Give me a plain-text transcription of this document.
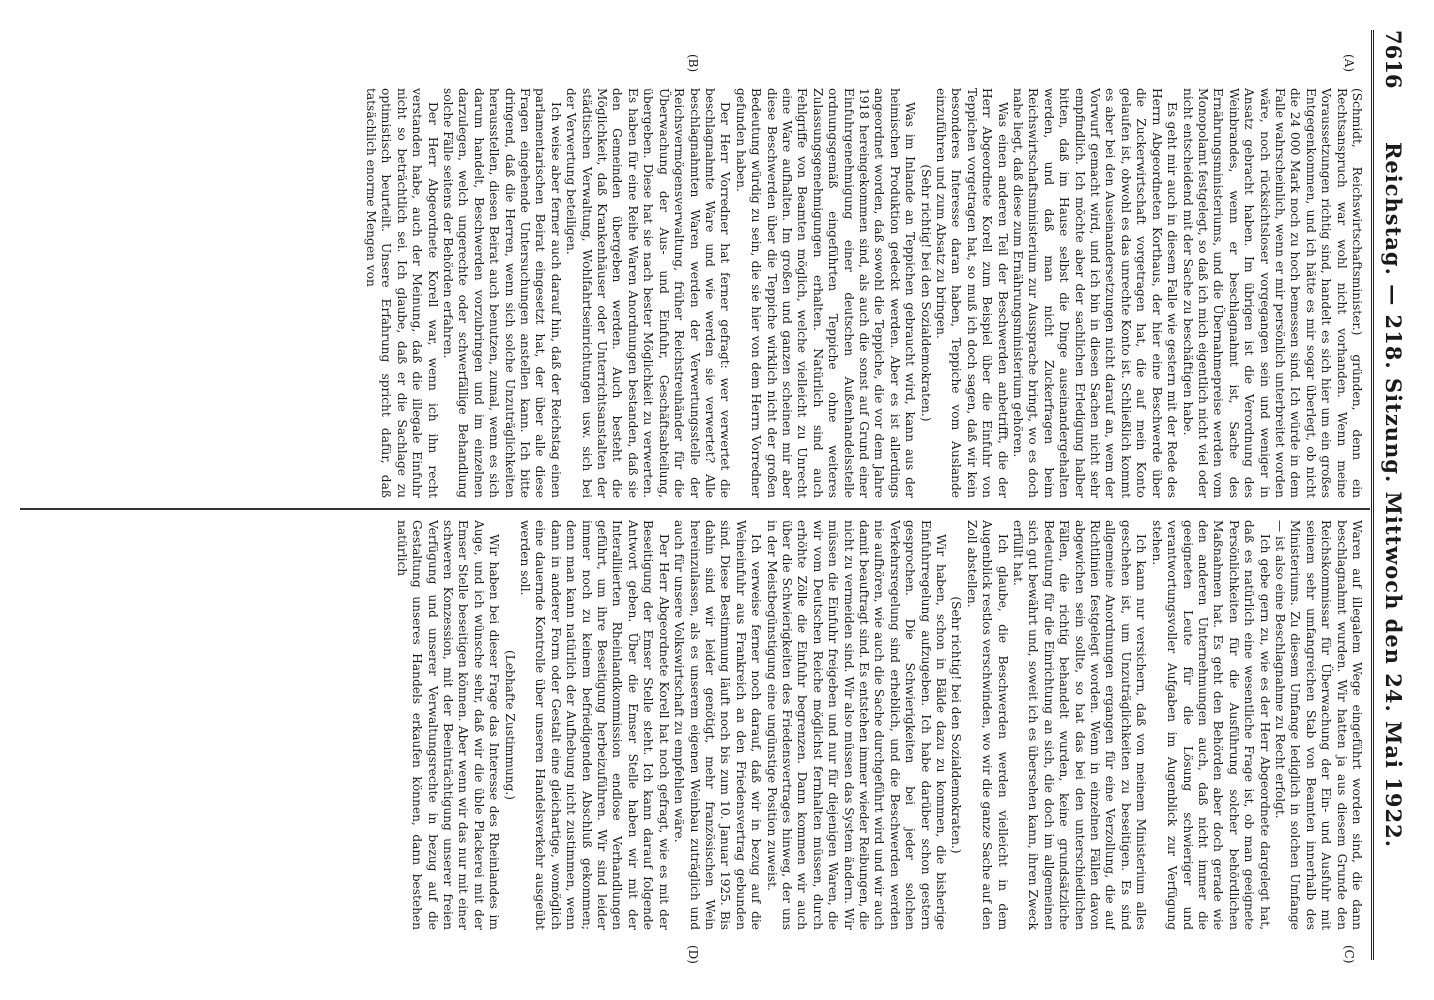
7616
Reichstag. — 218. Sitzung. Mittwoch den 24. Mai 1922.
(A)
(B)
(C)
(D)

(Schmidt, Reichswirtschaftsminister.) gründen, denn ein Rechtsanspruch war wohl nicht vorhanden. Wenn meine Voraussetzungen richtig sind, handelt es sich hier um ein großes Entgegenkommen, und ich hätte es mir sogar überlegt, ob nicht die 24 000 Mark noch zu hoch bemessen sind. Ich würde in dem Falle wahrscheinlich, wenn er mir persönlich unterbreitet worden wäre, noch rücksichtsloser vorgegangen sein und weniger in Ansatz gebracht haben. Im übrigen ist die Verordnung des Weinbrandes, wenn er beschlagnahmt ist, Sache des Ernährungsministeriums, und die Übernahmepreise werden vom Monopolamt festgelegt, so daß ich mich eigentlich nicht viel oder nicht entscheidend mit der Sache zu beschäftigen habe.

Es geht mir auch in diesem Falle wie gestern mit der Rede des Herrn Abgeordneten Korthaus, der hier eine Beschwerde über die Zuckerwirtschaft vorgetragen hat, die auf mein Konto gelaufen ist, obwohl es das unrechte Konto ist. Schließlich kommt es aber bei den Auseinandersetzungen nicht darauf an, wem der Vorwurf gemacht wird, und ich bin in diesen Sachen nicht sehr empfindlich. Ich möchte aber der sachlichen Erledigung halber bitten, daß im Hause selbst die Dinge auseinandergehalten werden, und daß man nicht Zuckerfragen beim Reichswirtschaftsministerium zur Aussprache bringt, wo es doch nahe liegt, daß diese zum Ernährungsministerium gehören.

Was einen anderen Teil der Beschwerden anbetrifft, die der Herr Abgeordnete Korell zum Beispiel über die Einfuhr von Teppichen vorgetragen hat, so muß ich doch sagen, daß wir kein besonderes Interesse daran haben, Teppiche vom Auslande einzuführen und zum Absatz zu bringen.

(Sehr richtig! bei den Sozialdemokraten.)

Was im Inlande an Teppichen gebraucht wird, kann aus der heimischen Produktion gedeckt werden. Aber es ist allerdings angeordnet worden, daß sowohl die Teppiche, die vor dem Jahre 1918 hereingekommen sind, als auch die sonst auf Grund einer Einfuhrgenehmigung einer deutschen Außenhandelsstelle ordnungsgemäß eingeführten Teppiche ohne weiteres Zulassungsgenehmigungen erhalten. Natürlich sind auch Fehlgriffe von Beamten möglich, welche vielleicht zu Unrecht eine Ware aufhalten. Im großen und ganzen scheinen mir aber diese Beschwerden über die Teppiche wirklich nicht der großen Bedeutung würdig zu sein, die sie hier von dem Herrn Vorredner gefunden haben.

Der Herr Vorredner hat ferner gefragt: wer verwertet die beschlagnahmte Ware und wie werden sie verwertet? Alle beschlagnahmten Waren werden der Verwertungsstelle der Reichsvermögensverwaltung, früher Reichstreuhänder für die Überwachung der Aus- und Einfuhr, Geschäftsabteilung, übergeben. Diese hat sie nach bester Möglichkeit zu verwerten. Es haben für eine Reihe Waren Anordnungen bestanden, daß sie den Gemeinden übergeben werden. Auch besteht die Möglichkeit, daß Krankenhäuser oder Unterrichtsanstalten der städtischen Verwaltung, Wohlfahrtseinrichtungen usw. sich bei der Verwertung beteiligen.

Ich weise aber ferner auch darauf hin, daß der Reichstag einen parlamentarischen Beirat eingesetzt hat, der über alle diese Fragen eingehende Untersuchungen anstellen kann. Ich bitte dringend, daß die Herren, wenn sich solche Unzuträglichkeiten herausstellen, diesen Beirat auch benutzen, zumal, wenn es sich darum handelt, Beschwerden vorzubringen und im einzelnen darzulegen, welch ungerechte oder schwerfällige Behandlung solche Fälle seitens der Behörden erfahren.

Der Herr Abgeordnete Korell war, wenn ich ihn recht verstanden habe, auch der Meinung, daß die illegale Einfuhr nicht so beträchtlich sei. Ich glaube, daß er die Sachlage zu optimistisch beurteilt. Unsere Erfahrung spricht dafür, daß tatsächlich enorme Mengen von

Waren auf illegalem Wege eingeführt worden sind, die dann beschlagnahmt wurden. Wir hatten ja aus diesem Grunde den Reichskommissar für Überwachung der Ein- und Ausfuhr mit seinem sehr umfangreichen Stab von Beamten innerhalb des Ministeriums. Zu diesem Umfange lediglich in solchen Umfange — ist also eine Beschlagnahme zu Recht erfolgt.

Ich gebe gern zu, wie es der Herr Abgeordnete dargelegt hat, daß es natürlich eine wesentliche Frage ist, ob man geeignete Persönlichkeiten für die Ausführung solcher behördlichen Maßnahmen hat. Es geht den Behörden aber doch gerade wie den anderen Unternehmungen auch, daß nicht immer die geeigneten Leute für die Lösung schwieriger und verantwortungsvoller Aufgaben im Augenblick zur Verfügung stehen.

Ich kann nur versichern, daß von meinem Ministerium alles geschehen ist, um Unzuträglichkeiten zu beseitigen. Es sind allgemeine Anordnungen ergangen für eine Verzollung, die auf Richtlinien festgelegt worden. Wenn in einzelnen Fällen davon abgewichen sein sollte, so hat das bei den unterschiedlichen Fällen, die richtig behandelt wurden, keine grundsätzliche Bedeutung für die Einrichtung an sich, die doch im allgemeinen sich gut bewährt und, soweit ich es übersehen kann, ihren Zweck erfüllt hat.

Ich glaube, die Beschwerden werden vielleicht in dem Augenblick restlos verschwinden, wo wir die ganze Sache auf den Zoll abstellen.

(Sehr richtig! bei den Sozialdemokraten.)

Wir haben, schon in Bälde dazu zu kommen, die bisherige Einfuhrregelung aufzugeben. Ich habe darüber schon gestern gesprochen. Die Schwierigkeiten bei jeder solchen Verkehrsregelung sind erheblich, und die Beschwerden werden nie aufhören, wie auch die Sache durchgeführt wird und wir auch damit beauftragt sind. Es entstehen immer wieder Reibungen, die nicht zu vermeiden sind. Wir also müssen das System ändern. Wir müssen die Einfuhr freigeben und nur für diejenigen Waren, die wir vom Deutschen Reiche möglichst fernhalten müssen, durch erhöhte Zölle die Einfuhr begrenzen. Dann kommen wir auch über die Schwierigkeiten des Friedensvertrages hinweg, der uns in der Meistbegünstigung eine ungünstige Position zuweist.

Ich verweise ferner noch darauf, daß wir in bezug auf die Weineinfuhr aus Frankreich an den Friedensvertrag gebunden sind. Diese Bestimmung läuft noch bis zum 10. Januar 1925. Bis dahin sind wir leider genötigt, mehr französischen Wein hereinzulassen, als es unserem eigenen Weinbau zuträglich und auch für unsere Volkswirtschaft zu empfehlen wäre.

Der Herr Abgeordnete Korell hat noch gefragt, wie es mit der Beseitigung der Emser Stelle steht. Ich kann darauf folgende Antwort geben. Über die Emser Stelle haben wir mit der Interalliierten Rheinlandkommission endlose Verhandlungen geführt, um ihre Beseitigung herbeizuführen. Wir sind leider immer noch zu keinem befriedigenden Abschluß gekommen; denn man kann natürlich der Aufhebung nicht zustimmen, wenn dann in anderer Form oder Gestalt eine gleichartige, womöglich eine dauernde Kontrolle über unseren Handelsverkehr ausgeübt werden soll.

(Lebhafte Zustimmung.)

Wir haben bei dieser Frage das Interesse des Rheinlandes im Auge, und ich wünsche sehr, daß wir die üble Plackerei mit der Emser Stelle beseitigen können. Aber wenn wir das nur mit einer schweren Konzession, mit der Beeinträchtigung unserer freien Verfügung und unserer Verwaltungsrechte in bezug auf die Gestaltung unseres Handels erkaufen können, dann bestehen natürlich
